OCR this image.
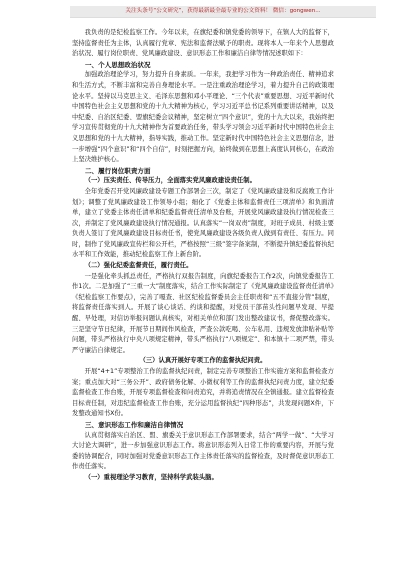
关注头条号“公文研究”，获得最新最全最专业的公文资料！ 微信：gongwen...

我负责的是纪检监察工作。今年以来，在旗纪委和镇党委的领导下，在镇人大的监督下，坚持监督责任为主体，认真履行党章、宪法和监督法赋予的职责。现将本人一年来个人思想政治状况、履行岗位职责、党风廉政建设、意识形态工作和廉洁自律等情况述职如下：

一、个人思想政治状况

加强政治理论学习，努力提升自身素质。一年来，我把学习作为一种政治责任、精神追求和生活方式，不断丰富和完善自身理论水平。一是注重政治理论学习，着力提升自己的政策理论水平。坚持以马克思主义、毛泽东思想和邓小平理论、“三个代表”重要思想、习近平新时代中国特色社会主义思想和党的十九大精神为核心，学习习近平总书记系列重要讲话精神，以及中纪委、自治区纪委、盟旗纪委会议精神，坚定树立“四个意识”，党的十九大以来，我始终把学习宣传贯彻党的十九大精神作为首要政治任务，带头学习领会习近平新时代中国特色社会主义思想和党的十九大精神，指导实践，推动工作。坚定新时代中国特色社会主义思想信念，进一步增强“四个意识”和“四个自信”，时刻把握方向，始终做到在思想上高度认同核心，在政治上坚决维护核心。

二、履行岗位职责方面
（一）压实责任、传导压力，全面落实党风廉政建设责任制。

全年党委召开党风廉政建设专题工作部署会三次，制定了《党风廉政建设和反腐败工作计划》；调整了党风廉政建设工作领导小组；细化了《党委主体和监督责任三项清单》和负面清单，建立了党委主体责任清单和纪委监督责任清单及台账，开展党风廉政建设执行情况检查三次，并制定了党风廉政建设执行情况通报。认真落实“一岗双责”制度，对班子成员、村级主要负责人签订了党风廉政建设目标责任书，使党风廉政建设各级负责人做到有责任、有压力。同时，制作了党风廉政宣传栏和公开栏，严格按照“三级”签字备案制，不断提升镇纪委监督执纪水平和工作效能，推动纪检监察工作上新台阶。

（二）强化纪委监督责任，履行责任。

一是强化牵头抓总责任，严格执行双报告制度，向旗纪委报告工作2次，向镇党委报告工作1次。二是加强了“三重一大”制度落实，结合工作实际制定了《党风廉政建设监督责任清单》《纪检监察工作要点》，完善了嘎查、社区纪检监督委员会主任职责和“五不直接分管”制度，将监督责任落实到人。开展了谈心谈话、约谈和提醒，对党员干部苗头性问题早发现、早提醒、早处理，对信访举报问题认真核实，对相关单位和部门发出整改建议书，督促整改落实。三是坚守节日纪律，开展节日期间作风检查，严查公款吃喝、公车私用、违规发放津贴补贴等问题，带头严格执行中央八项规定精神，带头严格执行“八项规定”、和本镇十二项严禁，带头严守廉洁自律规定。

（三）认真开展好专项工作的监督执纪问责。

开展“4+1”专项整治工作的监督执纪问责，制定完善专项整治工作实施方案和监督检查方案；重点加大对“三务公开”、政府债务化解、小微权利等工作的监督执纪问责力度，建立纪委监督检查工作台账，开展专项监督检查和问责追究，并将追责情况在全镇通报。建立监督检查目标责任制，对违纪监督检查工作台账，充分运用监督执纪“四种形态”，共发现问题X件，下发整改通知书X份。

三、意识形态工作和廉洁自律情况

认真贯彻落实自治区、盟、旗委关于意识形态工作部署要求，结合“两学一做”、“大学习大讨论大调研”，进一步加强意识形态工作。将意识形态列入日常工作的重要内容，开展与党委的协调配合，同时加强对党委意识形态工作主体责任落实的监督检查，及时督促意识形态工作责任落实。

（一）重视理论学习教育，坚持科学武装头脑。
